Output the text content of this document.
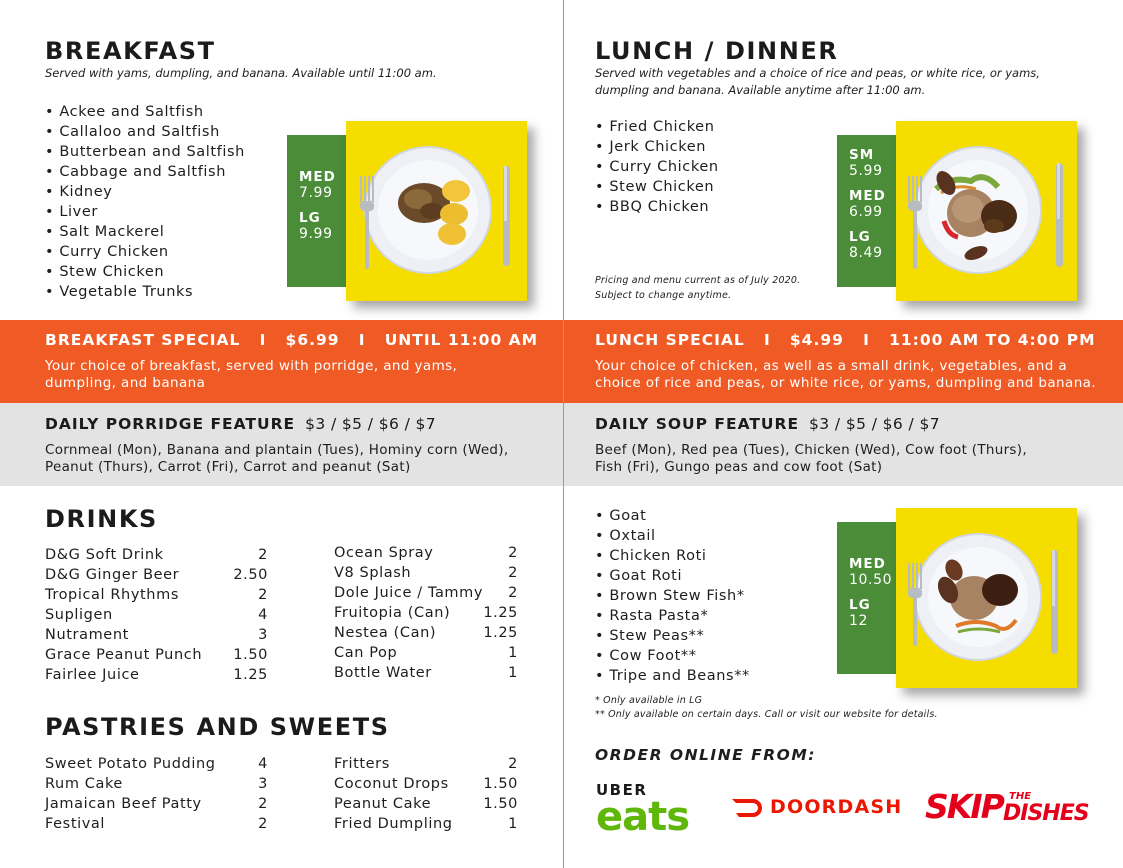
BREAKFAST
Served with yams, dumpling, and banana. Available until 11:00 am.
• Ackee and Saltfish
• Callaloo and Saltfish
• Butterbean and Saltfish
• Cabbage and Saltfish
• Kidney
• Liver
• Salt Mackerel
• Curry Chicken
• Stew Chicken
• Vegetable Trunks
MED
7.99
LG
9.99
LUNCH / DINNER
Served with vegetables and a choice of rice and peas, or white rice, or yams, dumpling and banana. Available anytime after 11:00 am.
• Fried Chicken
• Jerk Chicken
• Curry Chicken
• Stew Chicken
• BBQ Chicken
Pricing and menu current as of July 2020.
Subject to change anytime.
SM
5.99
MED
6.99
LG
8.49
BREAKFAST SPECIAL   I   $6.99   I   UNTIL 11:00 AM
Your choice of breakfast, served with porridge, and yams, dumpling, and banana
LUNCH SPECIAL   I   $4.99   I   11:00 AM TO 4:00 PM
Your choice of chicken, as well as a small drink, vegetables, and a choice of rice and peas, or white rice, or yams, dumpling and banana.
DAILY PORRIDGE FEATURE $3 / $5 / $6 / $7
Cornmeal (Mon), Banana and plantain (Tues), Hominy corn (Wed), Peanut (Thurs), Carrot (Fri), Carrot and peanut (Sat)
DAILY SOUP FEATURE $3 / $5 / $6 / $7
Beef (Mon), Red pea (Tues), Chicken (Wed), Cow foot (Thurs), Fish (Fri), Gungo peas and cow foot (Sat)
DRINKS
D&G Soft Drink	2
D&G Ginger Beer	2.50
Tropical Rhythms	2
Supligen	4
Nutrament	3
Grace Peanut Punch 1.50
Fairlee Juice	1.25
Ocean Spray	2
V8 Splash	2
Dole Juice / Tammy 2
Fruitopia (Can) 1.25
Nestea (Can)	1.25
Can Pop	1
Bottle Water	1
PASTRIES AND SWEETS
Sweet Potato Pudding	4
Rum Cake	3
Jamaican Beef Patty	2
Festival	2
Fritters	2
Coconut Drops 1.50
Peanut Cake	1.50
Fried Dumpling	1
• Goat
• Oxtail
• Chicken Roti
• Goat Roti
• Brown Stew Fish*
• Rasta Pasta*
• Stew Peas**
• Cow Foot**
• Tripe and Beans**
* Only available in LG
** Only available on certain days. Call or visit our website for details.
MED
10.50
LG
12
ORDER ONLINE FROM:
UBER
eats	DOORDASH SKIP THE
DISHES
